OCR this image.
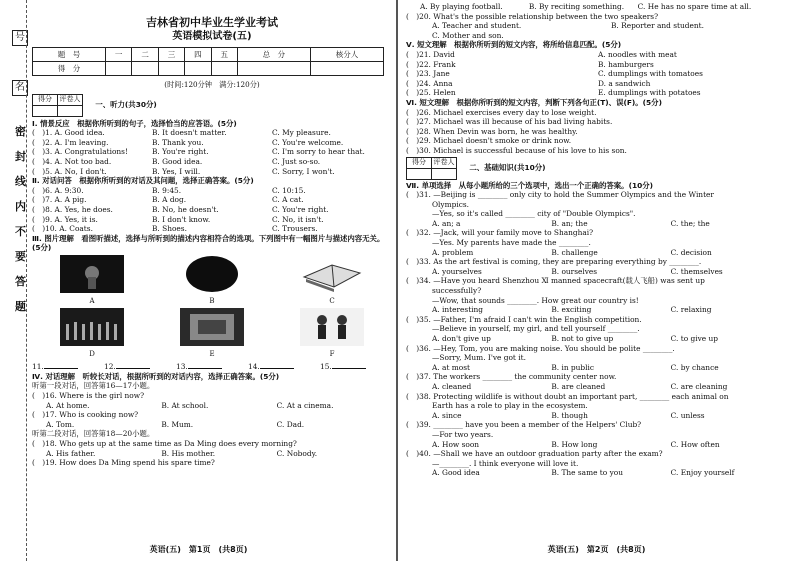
号
名
密
封
线
内
不
要
答
题
吉林省初中毕业生学业考试
英语模拟试卷(五)
题　号	一	二	三	四	五	总　分	核分人
得　分							
(时间:120分钟　满分:120分)
得分	评卷人
	一、听力(共30分)
Ⅰ. 情景反应　根据你所听到的句子，选择恰当的应答语。(5分)
(　)1. A. Good idea.	B. It doesn't matter.	C. My pleasure.
(　)2. A. I'm leaving.	B. Thank you.	C. You're welcome.
(　)3. A. Congratulations!	B. You're right.	C. I'm sorry to hear that.
(　)4. A. Not too bad.	B. Good idea.	C. Just so-so.
(　)5. A. No, I don't.	B. Yes, I will.	C. Sorry, I won't.
Ⅱ. 对话问答　根据你所听到的对话及其问题，选择正确答案。(5分)
(　)6. A. 9:30.	B. 9:45.	C. 10:15.
(　)7. A. A pig.	B. A dog.	C. A cat.
(　)8. A. Yes, he does.	B. No, he doesn't.	C. You're right.
(　)9. A. Yes, it is.	B. I don't know.	C. No, it isn't.
(　)10. A. Coats.	B. Shoes.	C. Trousers.
Ⅲ. 图片理解　看图听描述，选择与所听到的描述内容相符合的选项。下列图中有一幅图片与描述内容无关。(5分)
A	B	C
D	E	F
11.	12.	13.	14.	15.
Ⅳ. 对话理解　听较长对话，根据所听到的对话内容，选择正确答案。(5分)
听第一段对话，回答第16—17小题。
(　)16. Where is the girl now?
A. At home.	B. At school.	C. At a cinema.
(　)17. Who is cooking now?
A. Tom.	B. Mum.	C. Dad.
听第二段对话，回答第18—20小题。
(　)18. Who gets up at the same time as Da Ming does every morning?
A. His father.	B. His mother.	C. Nobody.
(　)19. How does Da Ming spend his spare time?
英语(五)　第1页　(共8页)
A. By playing football.	B. By reciting something.	C. He has no spare time at all.
(　)20. What's the possible relationship between the two speakers?
A. Teacher and student.	B. Reporter and student.
C. Mother and son.
Ⅴ. 短文理解　根据你所听到的短文内容，将所给信息匹配。(5分)
(　)21. David	A. noodles with meat
(　)22. Frank	B. hamburgers
(　)23. Jane	C. dumplings with tomatoes
(　)24. Anna	D. a sandwich
(　)25. Helen	E. dumplings with potatoes
Ⅵ. 短文理解　根据你所听到的短文内容，判断下列各句正(T)、误(F)。(5分)
(　)26. Michael exercises every day to lose weight.
(　)27. Michael was ill because of his bad living habits.
(　)28. When Devin was born, he was healthy.
(　)29. Michael doesn't smoke or drink now.
(　)30. Michael is successful because of his love to his son.
得分	评卷人
	二、基础知识(共10分)
Ⅶ. 单项选择　从每小题所给的三个选项中，选出一个正确的答案。(10分)
(　)31. —Beijing is ________ only city to hold the Summer Olympics and the Winter
Olympics.
—Yes, so it's called ________ city of "Double Olympics".
A. an; a	B. an; the	C. the; the
(　)32. —Jack, will your family move to Shanghai?
—Yes. My parents have made the ________.
A. problem	B. challenge	C. decision
(　)33. As the art festival is coming, they are preparing everything by ________.
A. yourselves	B. ourselves	C. themselves
(　)34. —Have you heard Shenzhou Ⅺ manned spacecraft(载人飞船) was sent up
successfully?
—Wow, that sounds ________. How great our country is!
A. interesting	B. exciting	C. relaxing
(　)35. —Father, I'm afraid I can't win the English competition.
—Believe in yourself, my girl, and tell yourself ________.
A. don't give up	B. not to give up	C. to give up
(　)36. —Hey, Tom, you are making noise. You should be polite ________.
—Sorry, Mum. I've got it.
A. at most	B. in public	C. by chance
(　)37. The workers ________ the community center now.
A. cleaned	B. are cleaned	C. are cleaning
(　)38. Protecting wildlife is without doubt an important part, ________ each animal on
Earth has a role to play in the ecosystem.
A. since	B. though	C. unless
(　)39. ________ have you been a member of the Helpers' Club?
—For two years.
A. How soon	B. How long	C. How often
(　)40. —Shall we have an outdoor graduation party after the exam?
—________. I think everyone will love it.
A. Good idea	B. The same to you	C. Enjoy yourself
英语(五)　第2页　(共8页)
